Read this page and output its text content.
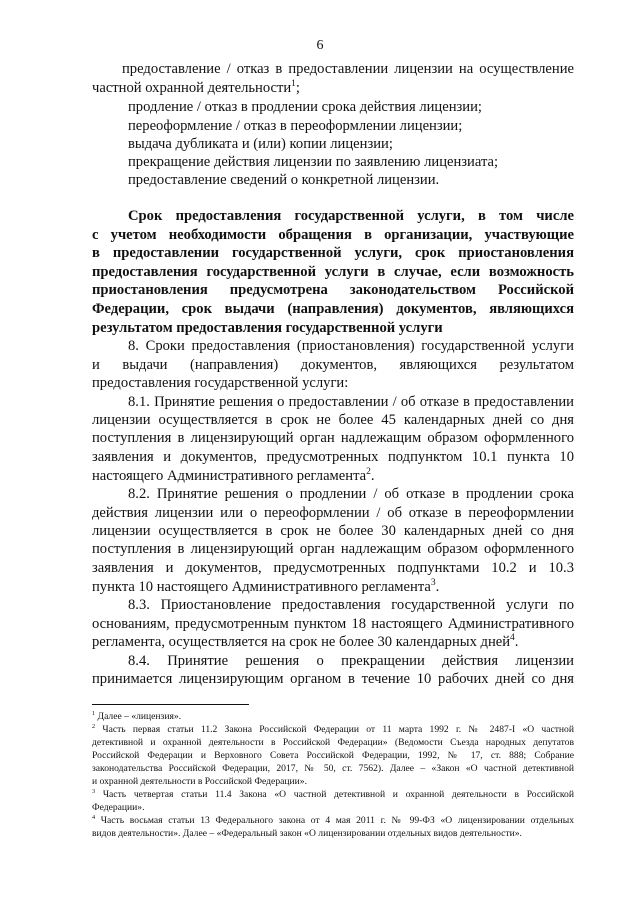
6
предоставление / отказ в предоставлении лицензии на осуществление
частной охранной деятельности$^1$;
продление / отказ в продлении срока действия лицензии;
переоформление / отказ в переоформлении лицензии;
выдача дубликата и (или) копии лицензии;
прекращение действия лицензии по заявлению лицензиата;
предоставление сведений о конкретной лицензии.
Срок предоставления государственной услуги, в том числе
с учетом необходимости обращения в организации, участвующие
в предоставлении государственной услуги, срок приостановления
предоставления государственной услуги в случае, если возможность
приостановления предусмотрена законодательством Российской
Федерации, срок выдачи (направления) документов, являющихся
результатом предоставления государственной услуги
8. Сроки предоставления (приостановления) государственной услуги
и выдачи (направления) документов, являющихся результатом
предоставления государственной услуги:
8.1. Принятие решения о предоставлении / об отказе в предоставлении
лицензии осуществляется в срок не более 45 календарных дней со дня
поступления в лицензирующий орган надлежащим образом оформленного
заявления и документов, предусмотренных подпунктом 10.1 пункта 10
настоящего Административного регламента$^2$.
8.2. Принятие решения о продлении / об отказе в продлении срока
действия лицензии или о переоформлении / об отказе в переоформлении
лицензии осуществляется в срок не более 30 календарных дней со дня
поступления в лицензирующий орган надлежащим образом оформленного
заявления и документов, предусмотренных подпунктами 10.2 и 10.3
пункта 10 настоящего Административного регламента$^3$.
8.3. Приостановление предоставления государственной услуги по
основаниям, предусмотренным пунктом 18 настоящего Административного
регламента, осуществляется на срок не более 30 календарных дней$^4$.
8.4. Принятие решения о прекращении действия лицензии
принимается лицензирующим органом в течение 10 рабочих дней со дня
$^1$ Далее – «лицензия».
$^2$ Часть первая статьи 11.2 Закона Российской Федерации от 11 марта 1992 г. № 2487-I «О частной
детективной и охранной деятельности в Российской Федерации» (Ведомости Съезда народных депутатов
Российской Федерации и Верховного Совета Российской Федерации, 1992, № 17, ст. 888; Собрание
законодательства Российской Федерации, 2017, № 50, ст. 7562). Далее – «Закон «О частной детективной
и охранной деятельности в Российской Федерации».
$^3$ Часть четвертая статьи 11.4 Закона «О частной детективной и охранной деятельности в Российской
Федерации».
$^4$ Часть восьмая статьи 13 Федерального закона от 4 мая 2011 г. № 99-ФЗ «О лицензировании отдельных
видов деятельности». Далее – «Федеральный закон «О лицензировании отдельных видов деятельности».
